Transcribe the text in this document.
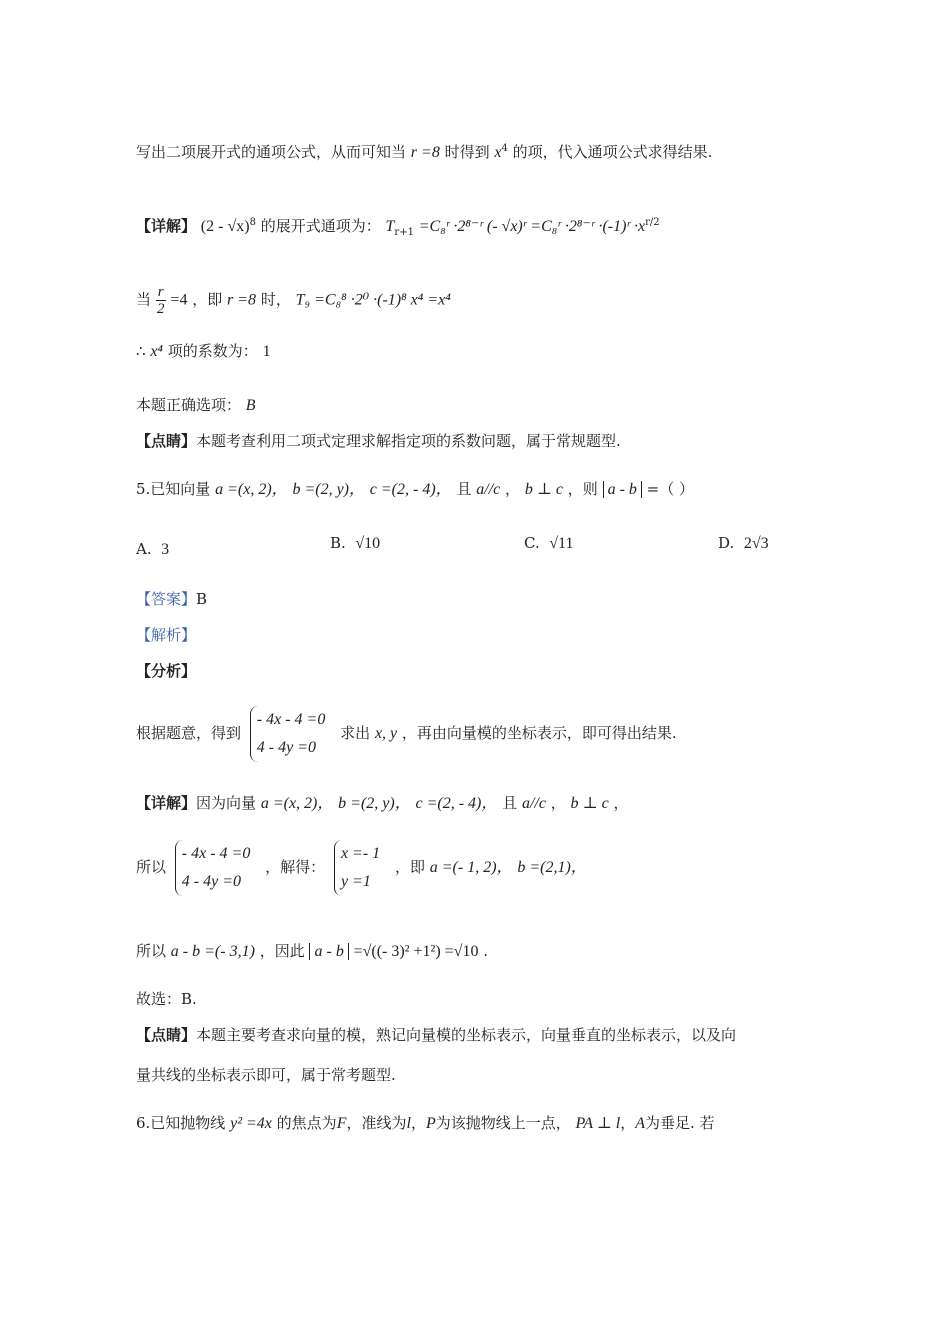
写出二项展开式的通项公式，从而可知当 r =8 时得到 $x^4$ 的项，代入通项公式求得结果.
【详解】 (2 - √x)$^8$ 的展开式通项为： $T_{r+1}$ =C₈ʳ ·2⁸⁻ʳ (- √x)ʳ =C₈ʳ ·2⁸⁻ʳ ·(-1)ʳ $\cdot x^{r/2}$
当 $\frac{r}{2} =4$ ，即 r =8 时， T₉ =C₈⁸ ·2⁰ ·(-1)⁸ x⁴ =x⁴
∴ x⁴ 项的系数为： 1
本题正确选项： B
【点睛】本题考查利用二项式定理求解指定项的系数问题，属于常规题型.
5.已知向量 a =(x, 2)， b =(2, y)， c =(2, - 4)， 且 a//c ， b ⊥ c ，则 a - b =（ ）
A. 3	B. √10	C. √11	D. 2√3
【答案】B
【解析】
【分析】
根据题意，得到
- 4x - 4 =0
4 - 4y =0
求出 x, y ，再由向量模的坐标表示，即可得出结果.
【详解】因为向量 a =(x, 2)， b =(2, y)， c =(2, - 4)， 且 a//c ， b ⊥ c ，
所以
- 4x - 4 =0
4 - 4y =0
，解得：
x =- 1
y =1
，即 a =(- 1, 2)， b =(2,1)，
所以 a - b =(- 3,1) ，因此 a - b =√((- 3)² +1²) =√10 .
故选：B.
【点睛】本题主要考查求向量的模，熟记向量模的坐标表示，向量垂直的坐标表示，以及向
量共线的坐标表示即可，属于常考题型.
6.已知抛物线 y² =4x 的焦点为F，准线为l，P为该抛物线上一点， PA ⊥ l，A为垂足. 若
